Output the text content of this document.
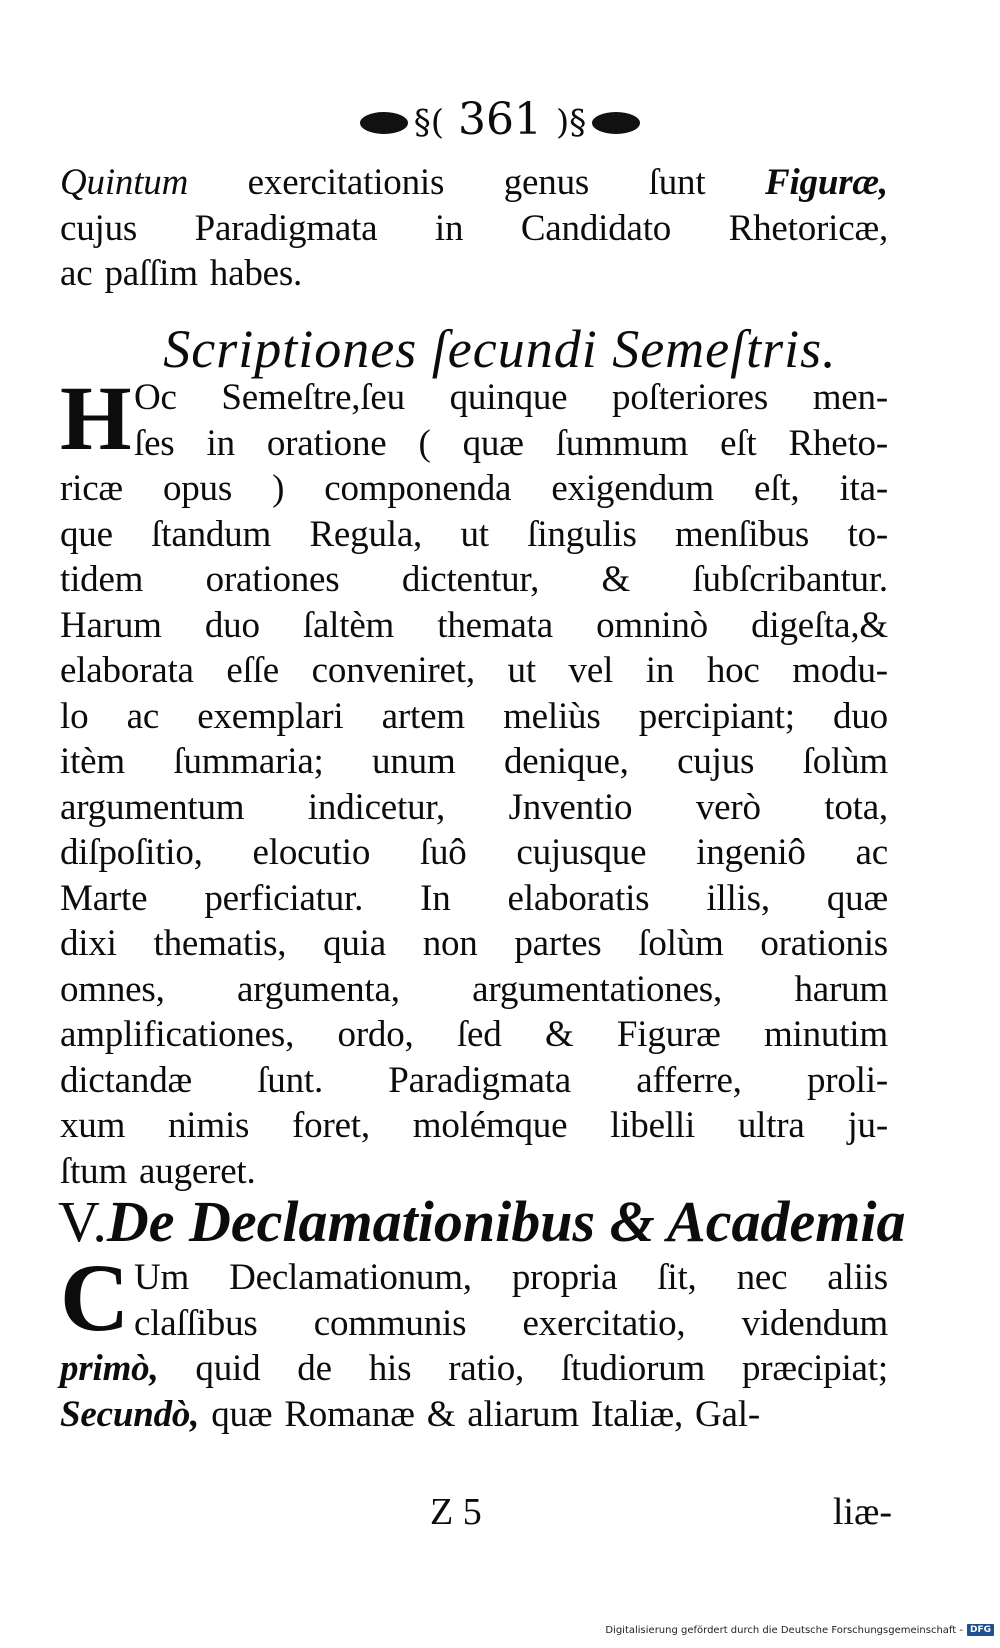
§( 361 )§
Quintum exercitationis genus ſunt Figuræ,
cujus Paradigmata in Candidato Rhetoricæ,
ac paſſim habes.
Scriptiones ſecundi Semeſtris.
H Oc Semeſtre,ſeu quinque poſteriores men-
ſes in oratione ( quæ ſummum eſt Rheto-
ricæ opus ) componenda exigendum eſt, ita-
que ſtandum Regula, ut ſingulis menſibus to-
tidem orationes dictentur, & ſubſcribantur.
Harum duo ſaltèm themata omninò digeſta,&
elaborata eſſe conveniret, ut vel in hoc modu-
lo ac exemplari artem meliùs percipiant; duo
itèm ſummaria; unum denique, cujus ſolùm
argumentum indicetur, Jnventio verò tota,
diſpoſitio, elocutio ſuô cujusque ingeniô ac
Marte perficiatur. In elaboratis illis, quæ
dixi thematis, quia non partes ſolùm orationis
omnes, argumenta, argumentationes, harum
amplificationes, ordo, ſed & Figuræ minutim
dictandæ ſunt. Paradigmata afferre, proli-
xum nimis foret, molémque libelli ultra ju-
ſtum augeret.
V.De Declamationibus & Academia
C Um Declamationum, propria ſit, nec aliis
claſſibus communis exercitatio, videndum
primò, quid de his ratio, ſtudiorum præcipiat;
Secundò, quæ Romanæ & aliarum Italiæ, Gal-
Z 5	liæ-
Digitalisierung gefördert durch die Deutsche Forschungsgemeinschaft - DFG
